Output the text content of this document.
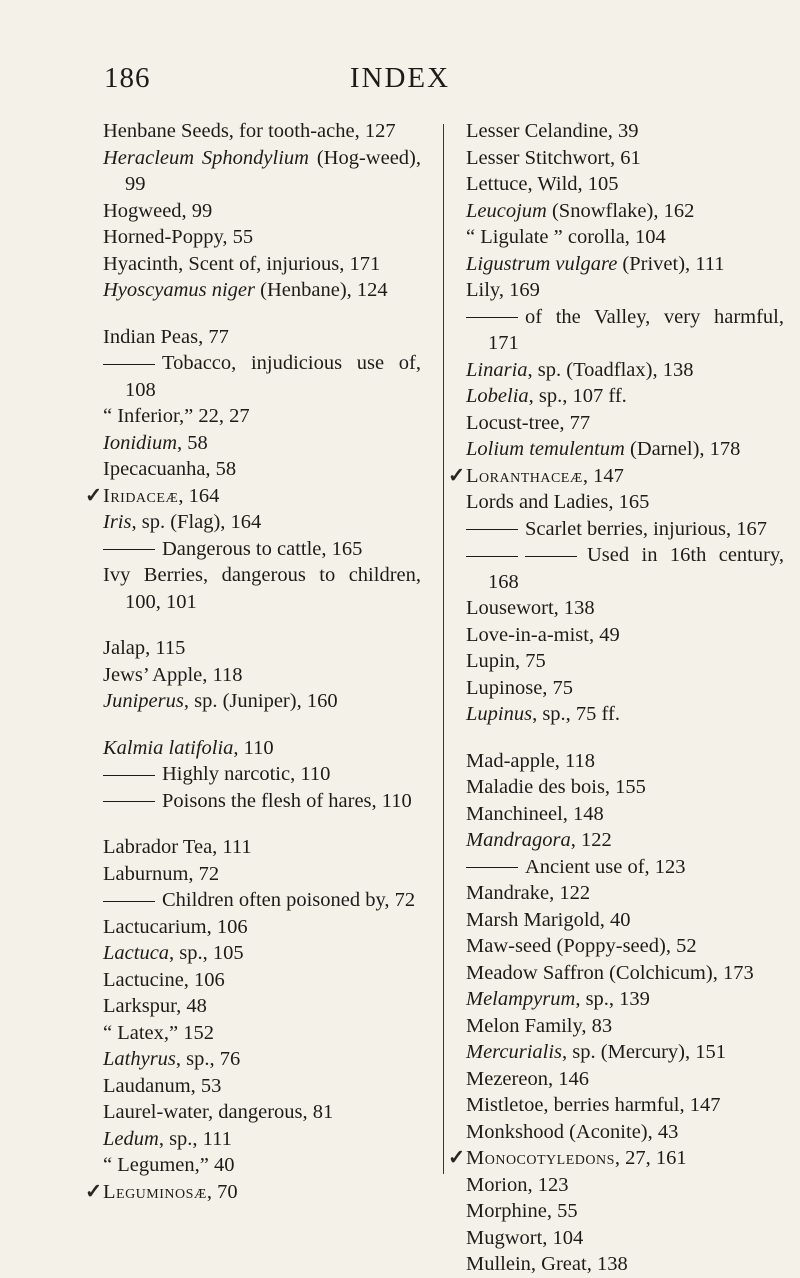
186	INDEX

Henbane Seeds, for tooth-ache, 127

Heracleum Sphondylium (Hog-weed), 99

Hogweed, 99

Horned-Poppy, 55

Hyacinth, Scent of, injurious, 171

Hyoscyamus niger (Henbane), 124

Indian Peas, 77

Tobacco, injudicious use of, 108

“ Inferior,” 22, 27

Ionidium, 58

Ipecacuanha, 58

✓Iridaceæ, 164

Iris, sp. (Flag), 164

Dangerous to cattle, 165

Ivy Berries, dangerous to children, 100, 101

Jalap, 115

Jews’ Apple, 118

Juniperus, sp. (Juniper), 160

Kalmia latifolia, 110

Highly narcotic, 110

Poisons the flesh of hares, 110

Labrador Tea, 111

Laburnum, 72

Children often poisoned by, 72

Lactucarium, 106

Lactuca, sp., 105

Lactucine, 106

Larkspur, 48

“ Latex,” 152

Lathyrus, sp., 76

Laudanum, 53

Laurel-water, dangerous, 81

Ledum, sp., 111

“ Legumen,” 40

✓Leguminosæ, 70

Lesser Celandine, 39

Lesser Stitchwort, 61

Lettuce, Wild, 105

Leucojum (Snowflake), 162

“ Ligulate ” corolla, 104

Ligustrum vulgare (Privet), 111

Lily, 169

of the Valley, very harmful, 171

Linaria, sp. (Toadflax), 138

Lobelia, sp., 107 ff.

Locust-tree, 77

Lolium temulentum (Darnel), 178

✓Loranthaceæ, 147

Lords and Ladies, 165

Scarlet berries, injurious, 167

Used in 16th century, 168

Lousewort, 138

Love-in-a-mist, 49

Lupin, 75

Lupinose, 75

Lupinus, sp., 75 ff.

Mad-apple, 118

Maladie des bois, 155

Manchineel, 148

Mandragora, 122

Ancient use of, 123

Mandrake, 122

Marsh Marigold, 40

Maw-seed (Poppy-seed), 52

Meadow Saffron (Colchicum), 173

Melampyrum, sp., 139

Melon Family, 83

Mercurialis, sp. (Mercury), 151

Mezereon, 146

Mistletoe, berries harmful, 147

Monkshood (Aconite), 43

✓Monocotyledons, 27, 161

Morion, 123

Morphine, 55

Mugwort, 104

Mullein, Great, 138
